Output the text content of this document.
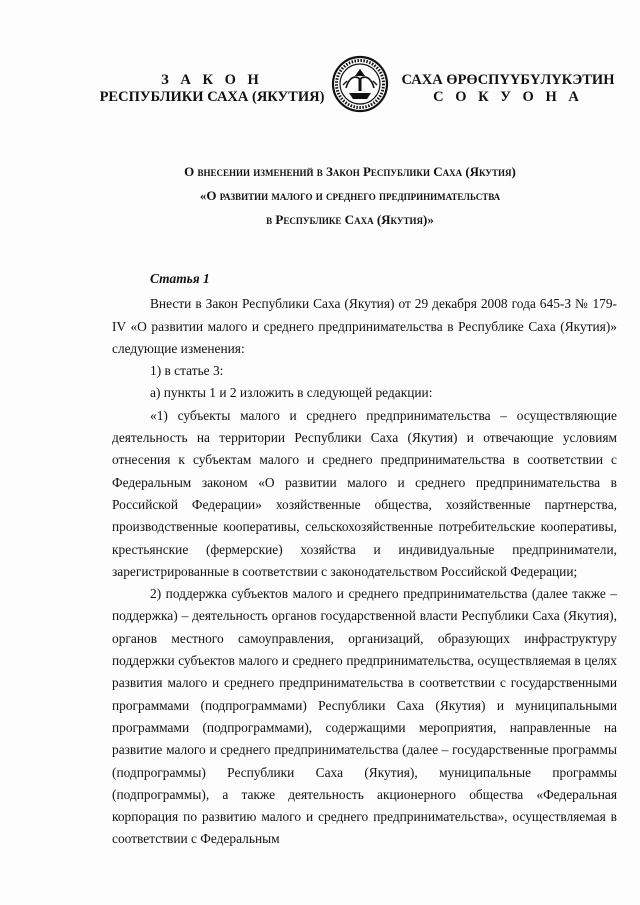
З А К О Н
РЕСПУБЛИКИ САХА (ЯКУТИЯ)
САХА ӨРӨСПҮҮБҮЛҮКЭТИН
С О К У О Н А
О внесении изменений в Закон Республики Саха (Якутия)
«О развитии малого и среднего предпринимательства
в Республике Саха (Якутия)»

Статья 1

Внести в Закон Республики Саха (Якутия) от 29 декабря 2008 года 645-З № 179-IV «О развитии малого и среднего предпринимательства в Республике Саха (Якутия)» следующие изменения:

1) в статье 3:

а) пункты 1 и 2 изложить в следующей редакции:

«1) субъекты малого и среднего предпринимательства – осуществляющие деятельность на территории Республики Саха (Якутия) и отвечающие условиям отнесения к субъектам малого и среднего предпринимательства в соответствии с Федеральным законом «О развитии малого и среднего предпринимательства в Российской Федерации» хозяйственные общества, хозяйственные партнерства, производственные кооперативы, сельскохозяйственные потребительские кооперативы, крестьянские (фермерские) хозяйства и индивидуальные предприниматели, зарегистрированные в соответствии с законодательством Российской Федерации;

2) поддержка субъектов малого и среднего предпринимательства (далее также – поддержка) – деятельность органов государственной власти Республики Саха (Якутия), органов местного самоуправления, организаций, образующих инфраструктуру поддержки субъектов малого и среднего предпринимательства, осуществляемая в целях развития малого и среднего предпринимательства в соответствии с государственными программами (подпрограммами) Республики Саха (Якутия) и муниципальными программами (подпрограммами), содержащими мероприятия, направленные на развитие малого и среднего предпринимательства (далее – государственные программы (подпрограммы) Республики Саха (Якутия), муниципальные программы (подпрограммы), а также деятельность акционерного общества «Федеральная корпорация по развитию малого и среднего предпринимательства», осуществляемая в соответствии с Федеральным
